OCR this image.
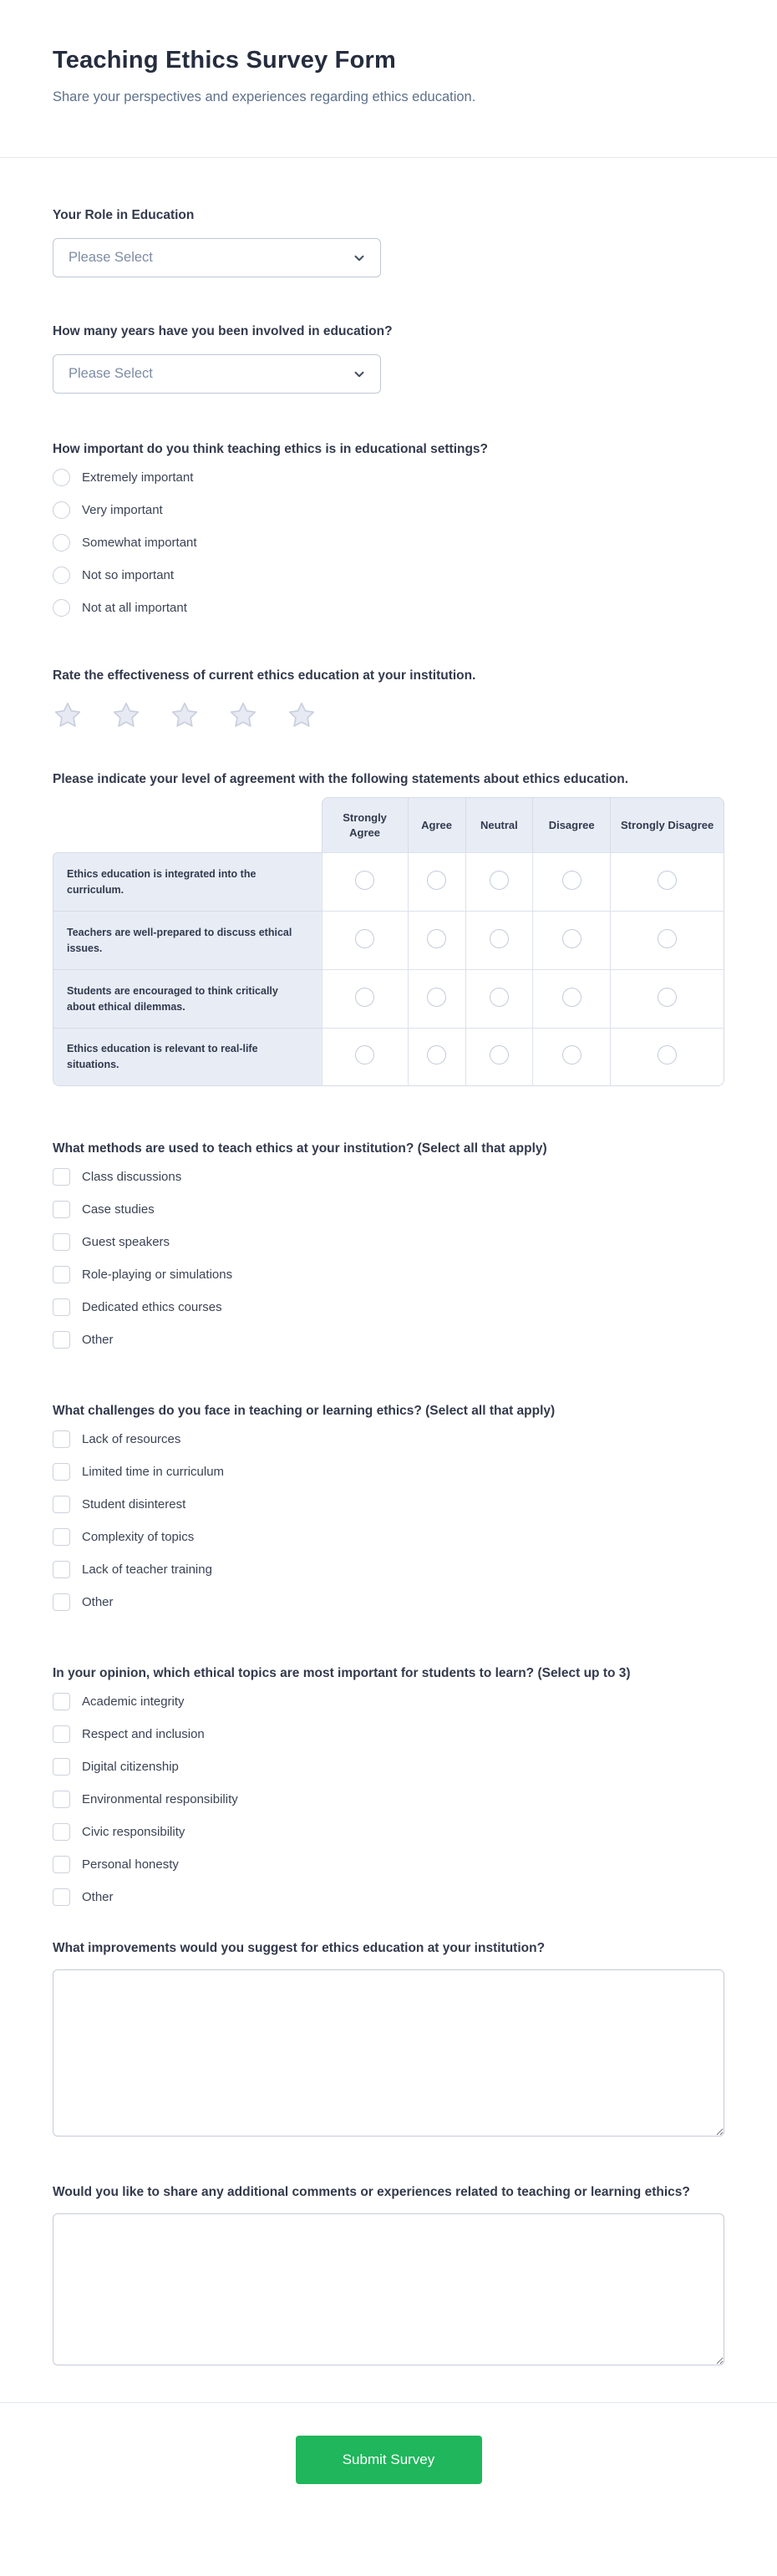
Teaching Ethics Survey Form

Share your perspectives and experiences regarding ethics education.

Your Role in Education
Please Select
How many years have you been involved in education?
Please Select
How important do you think teaching ethics is in educational settings?
Extremely important
Very important
Somewhat important
Not so important
Not at all important
Rate the effectiveness of current ethics education at your institution.
Please indicate your level of agreement with the following statements about ethics education.
	Strongly Agree	Agree	Neutral	Disagree	Strongly Disagree
Ethics education is integrated into the curriculum.					
Teachers are well-prepared to discuss ethical issues.					
Students are encouraged to think critically about ethical dilemmas.					
Ethics education is relevant to real-life situations.					
What methods are used to teach ethics at your institution? (Select all that apply)
Class discussions
Case studies
Guest speakers
Role-playing or simulations
Dedicated ethics courses
Other
What challenges do you face in teaching or learning ethics? (Select all that apply)
Lack of resources
Limited time in curriculum
Student disinterest
Complexity of topics
Lack of teacher training
Other
In your opinion, which ethical topics are most important for students to learn? (Select up to 3)
Academic integrity
Respect and inclusion
Digital citizenship
Environmental responsibility
Civic responsibility
Personal honesty
Other
What improvements would you suggest for ethics education at your institution?
Would you like to share any additional comments or experiences related to teaching or learning ethics?
Submit Survey
